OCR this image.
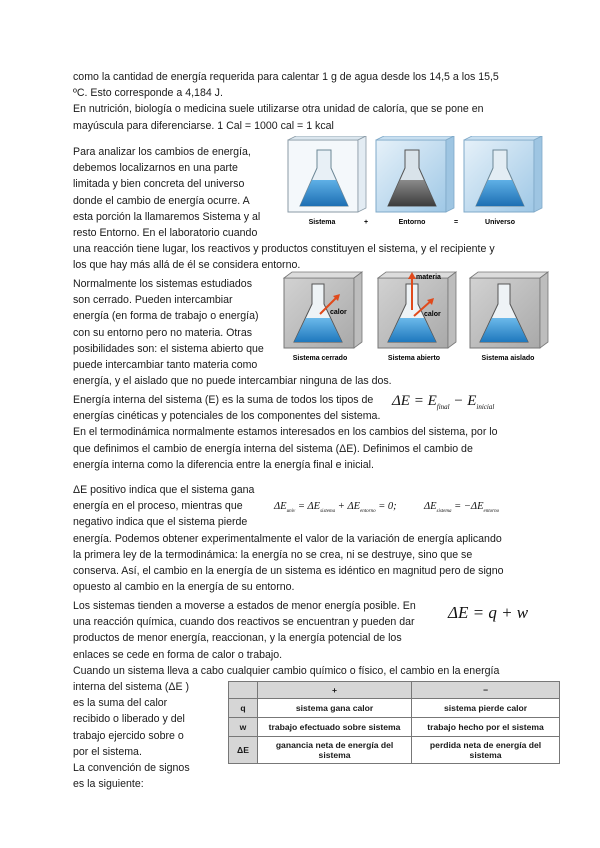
como la cantidad de energía requerida para calentar 1 g de agua desde los 14,5 a los 15,5
ºC. Esto corresponde a 4,184 J.
En nutrición, biología o medicina suele utilizarse otra unidad de caloría, que se pone en
mayúscula para diferenciarse. 1 Cal = 1000 cal = 1 kcal
Para analizar los cambios de energía,
debemos localizarnos en una parte
limitada y bien concreta del universo
donde el cambio de energía ocurre. A
esta porción la llamaremos Sistema y al
resto Entorno. En el laboratorio cuando
una reacción tiene lugar, los reactivos y productos constituyen el sistema, y el recipiente y
los que hay más allá de él se considera entorno.
Sistema	+	Entorno	=	Universo
Normalmente los sistemas estudiados
son cerrado. Pueden intercambiar
energía (en forma de trabajo o energía)
con su entorno pero no materia. Otras
posibilidades son: el sistema abierto que
puede intercambiar tanto materia como
energía, y el aislado que no puede intercambiar ninguna de las dos.
calor
materia
calor
Sistema cerrado	Sistema abierto	Sistema aislado
Energía interna del sistema (E) es la suma de todos los tipos de
energías cinéticas y potenciales de los componentes del sistema.
En el termodinámica normalmente estamos interesados en los cambios del sistema, por lo
que definimos el cambio de energía interna del sistema (ΔE). Definimos el cambio de
energía interna como la diferencia entre la energía final e inicial.
$\Delta E = E_{final} - E_{inicial}$
ΔE positivo indica que el sistema gana
energía en el proceso, mientras que
negativo indica que el sistema pierde
energía. Podemos obtener experimentalmente el valor de la variación de energía aplicando
la primera ley de la termodinámica: la energía no se crea, ni se destruye, sino que se
conserva. Así, el cambio en la energía de un sistema es idéntico en magnitud pero de signo
opuesto al cambio en la energía de su entorno.
$\Delta E_{univ} = \Delta E_{sistema} + \Delta E_{entorno} = 0$;	$\Delta E_{sistema} = -\Delta E_{entorno}$
Los sistemas tienden a moverse a estados de menor energía posible. En
una reacción química, cuando dos reactivos se encuentran y pueden dar
productos de menor energía, reaccionan, y la energía potencial de los
enlaces se cede en forma de calor o trabajo.
Cuando un sistema lleva a cabo cualquier cambio químico o físico, el cambio en la energía
ΔE = q + w
interna del sistema (ΔE )
es la suma del calor
recibido o liberado y del
trabajo ejercido sobre o
por el sistema.
La convención de signos
es la siguiente:
	+	−
q	sistema gana calor	sistema pierde calor
w	trabajo efectuado sobre sistema	trabajo hecho por el sistema
ΔE	ganancia neta de energía del sistema	perdida neta de energía del sistema
